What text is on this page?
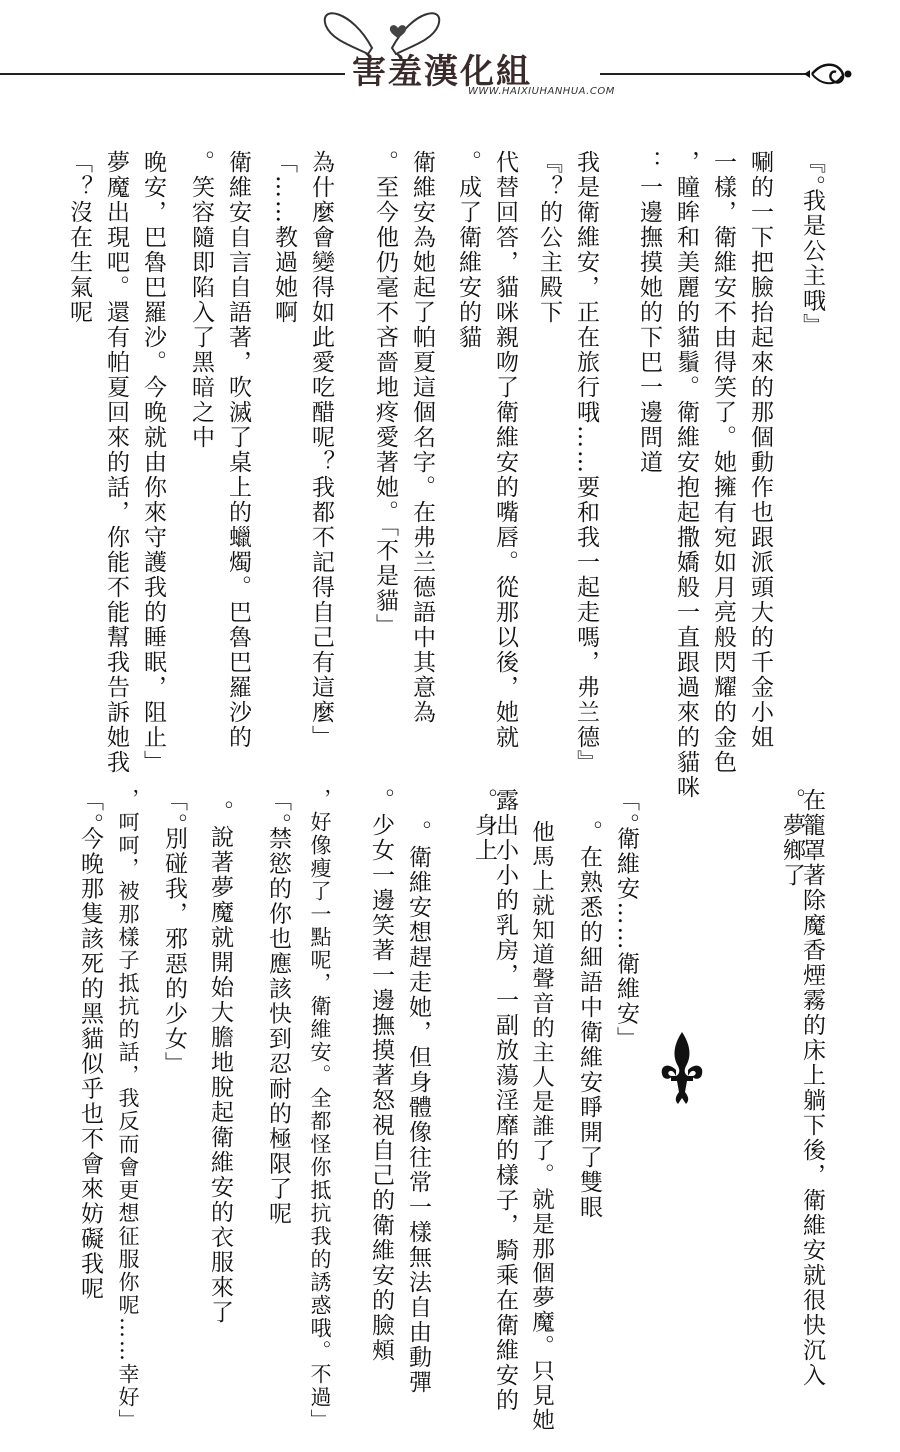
害羞漢化組
WWW.HAIXIUHANHUA.COM
『我是公主哦。』
唰的一下把臉抬起來的那個動作也跟派頭大的千金小姐
一樣，衛維安不由得笑了。她擁有宛如月亮般閃耀的金色
瞳眸和美麗的貓鬚。衛維安抱起撒嬌般一直跟過來的貓咪，
一邊撫摸她的下巴一邊問道：
『我是衛維安，正在旅行哦……要和我一起走嗎，弗兰德
的公主殿下？』
代替回答，貓咪親吻了衛維安的嘴唇。從那以後，她就
成了衛維安的貓。
衛維安為她起了帕夏這個名字。在弗兰德語中其意為
「不是貓」。至今他仍毫不吝嗇地疼愛著她。
「為什麼會變得如此愛吃醋呢？我都不記得自己有這麼
教過她啊……」
衛維安自言自語著，吹滅了桌上的蠟燭。巴魯巴羅沙的
笑容隨即陷入了黑暗之中。
「晚安，巴魯巴羅沙。今晚就由你來守護我的睡眠，阻止
夢魔出現吧。還有帕夏回來的話，你能不能幫我告訴她我
沒在生氣呢？」
在籠罩著除魔香煙霧的床上躺下後，衛維安就很快沉入
夢鄉了。
「衛維安……衛維安。」
在熟悉的細語中衛維安睜開了雙眼。
他馬上就知道聲音的主人是誰了。就是那個夢魔。只見她
露出小小的乳房，一副放蕩淫靡的樣子，騎乘在衛維安的
身上。
衛維安想趕走她，但身體像往常一樣無法自由動彈。
少女一邊笑著一邊撫摸著怒視自己的衛維安的臉頰。
「好像瘦了一點呢，衛維安。全都怪你抵抗我的誘惑哦。不過，
禁慾的你也應該快到忍耐的極限了呢。」
說著夢魔就開始大膽地脫起衛維安的衣服來了。
「別碰我，邪惡的少女。」
「呵呵，被那樣子抵抗的話，我反而會更想征服你呢……幸好，
今晚那隻該死的黑貓似乎也不會來妨礙我呢。」
